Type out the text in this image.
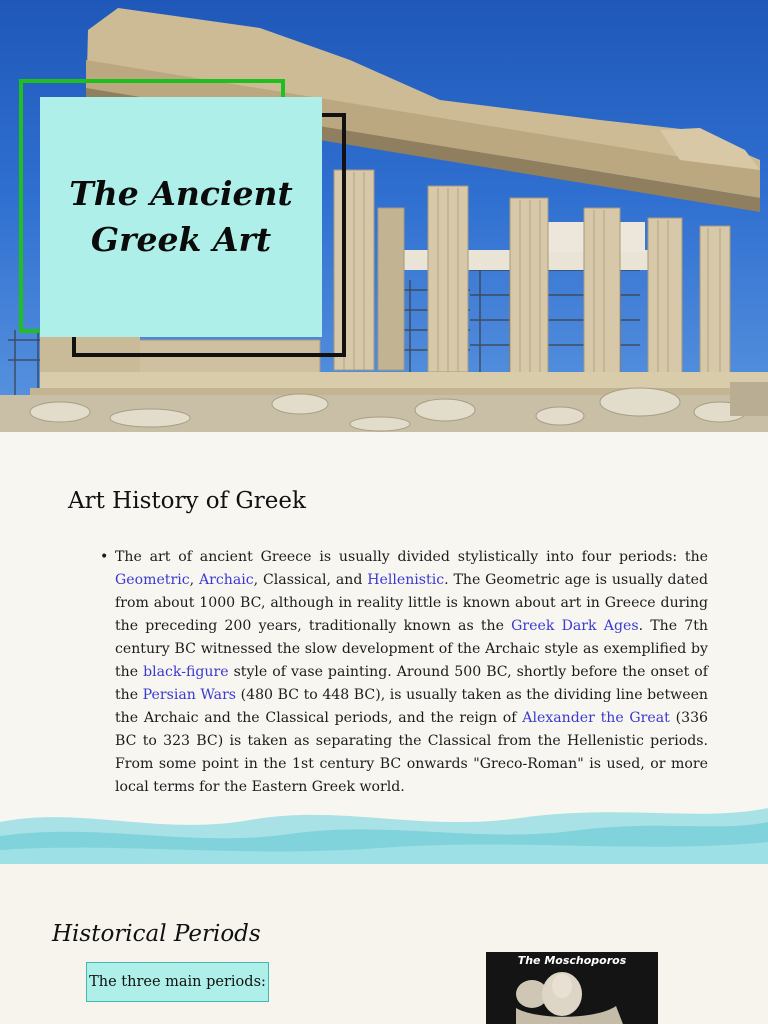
The Ancient
Greek Art
Art History of Greek
• The art of ancient Greece is usually divided stylistically into four periods: the Geometric, Archaic, Classical, and Hellenistic. The Geometric age is usually dated from about 1000 BC, although in reality little is known about art in Greece during the preceding 200 years, traditionally known as the Greek Dark Ages. The 7th century BC witnessed the slow development of the Archaic style as exemplified by the black-figure style of vase painting. Around 500 BC, shortly before the onset of the Persian Wars (480 BC to 448 BC), is usually taken as the dividing line between the Archaic and the Classical periods, and the reign of Alexander the Great (336 BC to 323 BC) is taken as separating the Classical from the Hellenistic periods. From some point in the 1st century BC onwards "Greco-Roman" is used, or more local terms for the Eastern Greek world.
Historical Periods
The three main periods:
The Moschoporos
